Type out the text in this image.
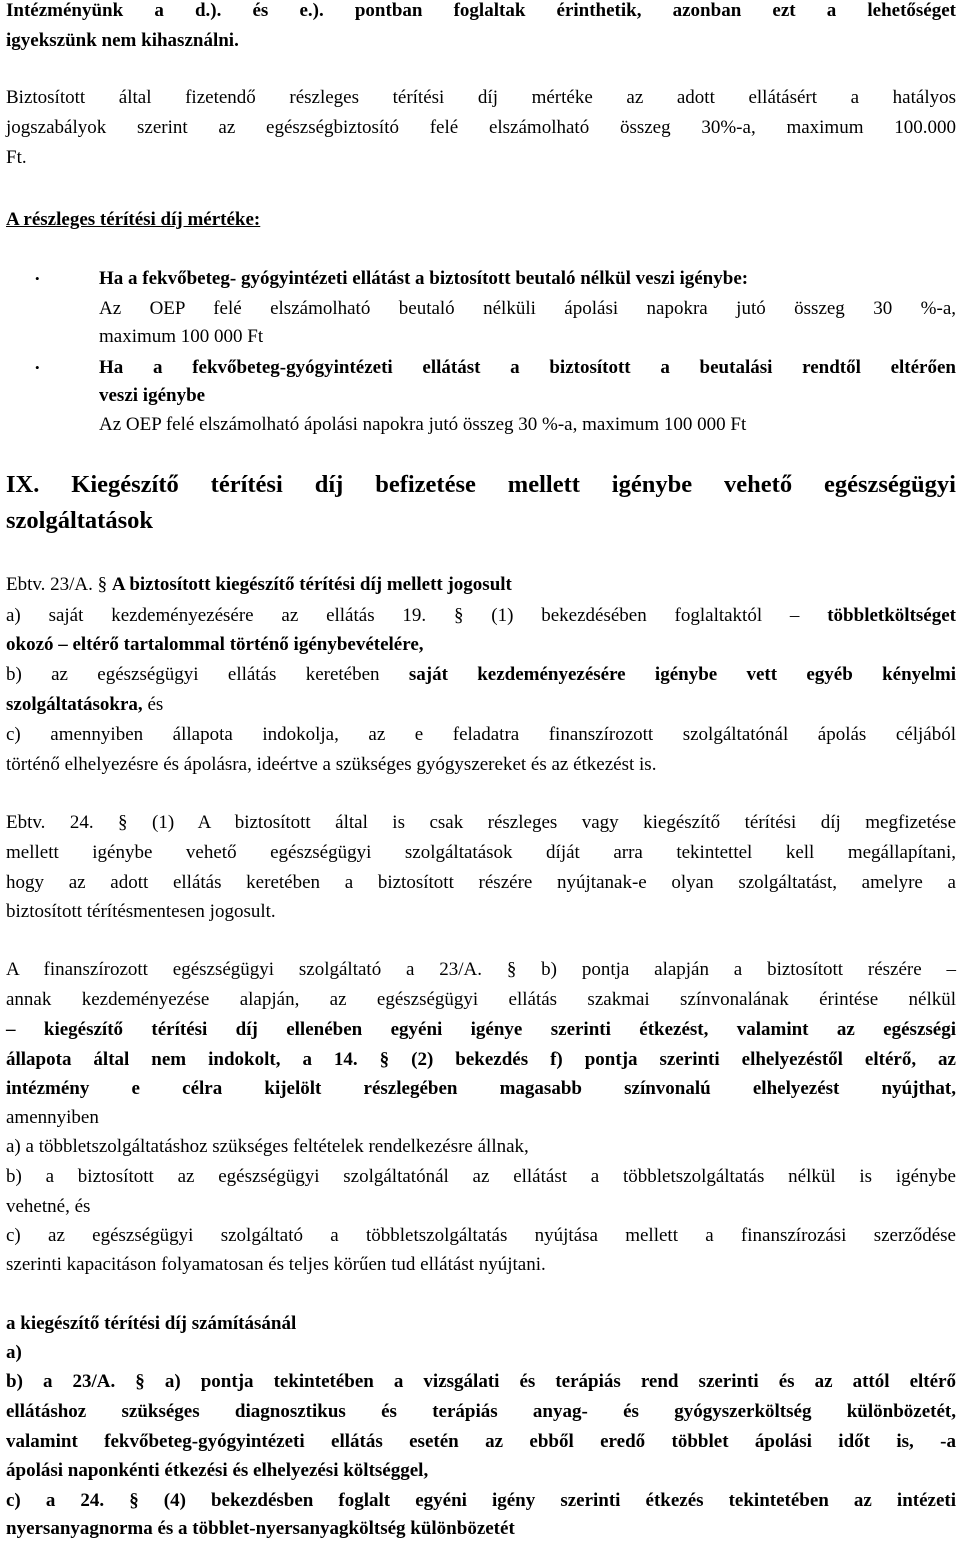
Intézményünk a d.). és e.). pontban foglaltak érinthetik, azonban ezt a lehetőséget
igyekszünk nem kihasználni.
Biztosított által fizetendő részleges térítési díj mértéke az adott ellátásért a hatályos
jogszabályok szerint az egészségbiztosító felé elszámolható összeg 30%-a, maximum 100.000
Ft.
A részleges térítési díj mértéke:
•	Ha a fekvőbeteg- gyógyintézeti ellátást a biztosított beutaló nélkül veszi igénybe:
Az OEP felé elszámolható beutaló nélküli ápolási napokra jutó összeg 30 %-a,
maximum 100 000 Ft
•	Ha a fekvőbeteg-gyógyintézeti ellátást a biztosított a beutalási rendtől eltérően
veszi igénybe
Az OEP felé elszámolható ápolási napokra jutó összeg 30 %-a, maximum 100 000 Ft
IX. Kiegészítő térítési díj befizetése mellett igénybe vehető egészségügyi
szolgáltatások
Ebtv. 23/A. § A biztosított kiegészítő térítési díj mellett jogosult
a) saját kezdeményezésére az ellátás 19. § (1) bekezdésében foglaltaktól – többletköltséget
okozó – eltérő tartalommal történő igénybevételére,
b) az egészségügyi ellátás keretében saját kezdeményezésére igénybe vett egyéb kényelmi
szolgáltatásokra, és
c) amennyiben állapota indokolja, az e feladatra finanszírozott szolgáltatónál ápolás céljából
történő elhelyezésre és ápolásra, ideértve a szükséges gyógyszereket és az étkezést is.
Ebtv. 24. § (1) A biztosított által is csak részleges vagy kiegészítő térítési díj megfizetése
mellett igénybe vehető egészségügyi szolgáltatások díját arra tekintettel kell megállapítani,
hogy az adott ellátás keretében a biztosított részére nyújtanak-e olyan szolgáltatást, amelyre a
biztosított térítésmentesen jogosult.
A finanszírozott egészségügyi szolgáltató a 23/A. § b) pontja alapján a biztosított részére –
annak kezdeményezése alapján, az egészségügyi ellátás szakmai színvonalának érintése nélkül
– kiegészítő térítési díj ellenében egyéni igénye szerinti étkezést, valamint az egészségi
állapota által nem indokolt, a 14. § (2) bekezdés f) pontja szerinti elhelyezéstől eltérő, az
intézmény e célra kijelölt részlegében magasabb színvonalú elhelyezést nyújthat,
amennyiben
a) a többletszolgáltatáshoz szükséges feltételek rendelkezésre állnak,
b) a biztosított az egészségügyi szolgáltatónál az ellátást a többletszolgáltatás nélkül is igénybe
vehetné, és
c) az egészségügyi szolgáltató a többletszolgáltatás nyújtása mellett a finanszírozási szerződése
szerinti kapacitáson folyamatosan és teljes körűen tud ellátást nyújtani.
a kiegészítő térítési díj számításánál
a)
b) a 23/A. § a) pontja tekintetében a vizsgálati és terápiás rend szerinti és az attól eltérő
ellátáshoz szükséges diagnosztikus és terápiás anyag- és gyógyszerköltség különbözetét,
valamint fekvőbeteg-gyógyintézeti ellátás esetén az ebből eredő többlet ápolási időt is, -a
ápolási naponkénti étkezési és elhelyezési költséggel,
c) a 24. § (4) bekezdésben foglalt egyéni igény szerinti étkezés tekintetében az intézeti
nyersanyagnorma és a többlet-nyersanyagköltség különbözetét
